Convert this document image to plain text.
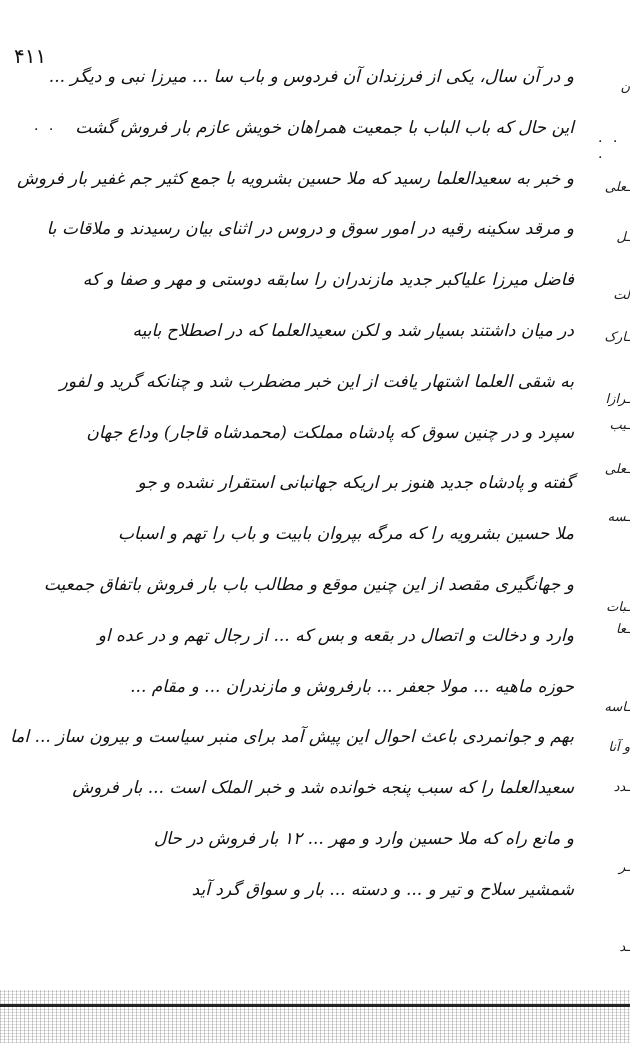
۴۱۱
. .
. . .
و در آن سال، یکی از فرزندان آن فردوس و باب سا ... میرزا نبی و دیگر ...
این حال که باب الباب با جمعیت همراهان خویش عازم بار فروش گشت
و خبر به سعیدالعلما رسید که ملا حسین بشرویه با جمع کثیر جم غفیر بار فروش
و مرقد سکینه رقیه در امور سوق و دروس در اثنای بیان رسیدند و ملاقات با
فاضل میرزا علیاکبر جدید مازندران را سابقه دوستی و مهر و صفا و که
در میان داشتند بسیار شد و لکن سعیدالعلما که در اصطلاح بابیه
به شقی العلما اشتهار یافت از این خبر مضطرب شد و چنانکه گرید و لفور
سپرد و در چنین سوق که پادشاه مملکت (محمدشاه قاجار) وداع جهان
گفته و پادشاه جدید هنوز بر اریکه جهانبانی استقرار نشده و جو
ملا حسین بشرویه را که مرگه بپروان بابیت و باب را تهم و اسباب
و جهانگیری مقصد از این چنین موقع و مطالب باب بار فروش باتفاق جمعیت
وارد و دخالت و اتصال در بقعه و بس که ... از رجال تهم و در عده او
حوزه ماهیه ... مولا جعفر ... بارفروش و مازندران ... و مقام ...
بهم و جوانمردی باعث احوال این پیش آمد برای منبر سیاست و بیرون ساز ... اما
سعیدالعلما را که سبب پنجه خوانده شد و خبر الملک است ... بار فروش
و مانع راه که ملا حسین وارد و مهر ... ۱۲ بار فروش در حال
شمشیر سلاح و تیر و ... و دسته ... بار و سواق گرد آید
ن
ـعلی
ـل
لت
ـارک
ـرازا
ـیب
ـعلی
ـسه
ـبات
ـعا
ـاسه
و آنا
ـدد
ـر
ـد
